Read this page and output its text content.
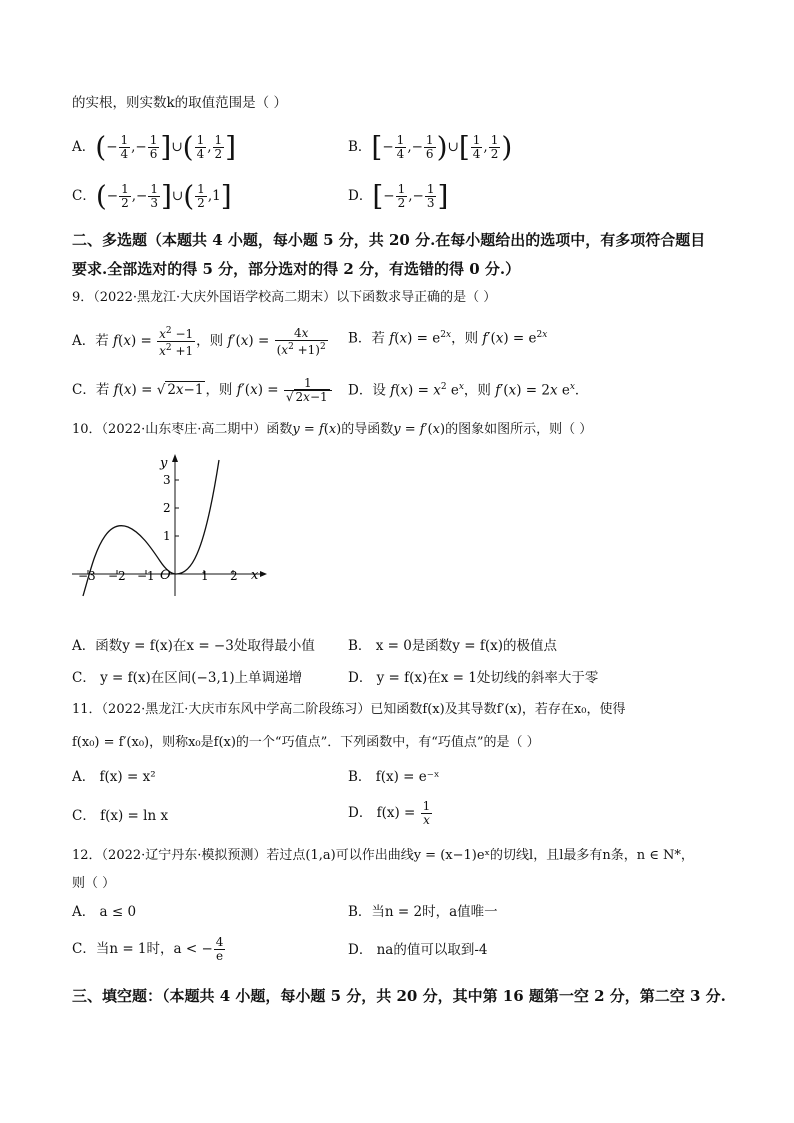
的实根，则实数k的取值范围是（ ）
A．(− $\frac{1}{4}$ ,− $\frac{1}{6}$ ]∪( $\frac{1}{4}$ , $\frac{1}{2}$ ]	B．[− $\frac{1}{4}$ ,− $\frac{1}{6}$ )∪[ $\frac{1}{4}$ , $\frac{1}{2}$ )
C．(− $\frac{1}{2}$ ,− $\frac{1}{3}$ ]∪( $\frac{1}{2} ,1$]	D．[− $\frac{1}{2}$ ,− $\frac{1}{3}$ ]
二、多选题（本题共 4 小题，每小题 5 分，共 20 分.在每小题给出的选项中，有多项符合题目
要求.全部选对的得 5 分，部分选对的得 2 分，有选错的得 0 分.）
9．（2022·黑龙江·大庆外国语学校高二期末）以下函数求导正确的是（ ）
A．若 $f(x) = \frac{x^2 -1}{x^2 +1}$ ，则 $f'(x) = \frac{4x}{(x^2 +1)^2}$ B．若 $f(x) = e^{2x}$，则 $f'(x) = e^{2x}$
C．若 f(x) = √ 2x−1 ，则 $f'(x) = \frac{1}{√ 2x-1}$ D．设 $f(x) = x^2$ $e^x$，则 f′(x) = 2x $e^x$．
10．（2022·山东枣庄·高二期中）函数y = f(x)的导函数y = f′(x)的图象如图所示，则（ ）
y
x
O
1
2
3
−3 −2 −1	1 2
A．函数y = f(x)在x = −3处取得最小值 B． x = 0是函数y = f(x)的极值点
C． y = f(x)在区间(−3,1)上单调递增	D． y = f(x)在x = 1处切线的斜率大于零
11．（2022·黑龙江·大庆市东风中学高二阶段练习）已知函数f(x)及其导数f′(x)，若存在x₀，使得
f(x₀) = f′(x₀)，则称x₀是f(x)的一个“巧值点”．下列函数中，有“巧值点”的是（ ）
A． f(x) = x²	B． f(x) = e⁻ˣ
C． f(x) = ln x	D． $f(x) = \frac{1}{x}$
12．（2022·辽宁丹东·模拟预测）若过点(1,a)可以作出曲线y = (x−1)eˣ的切线l，且l最多有n条，n ∈ N*，
则（ ）
A． a ≤ 0	B．当n = 2时，a值唯一
C．当n = 1时，a < − $\frac{4}{e}$	D． na的值可以取到-4
三、填空题：（本题共 4 小题，每小题 5 分，共 20 分，其中第 16 题第一空 2 分，第二空 3 分.
